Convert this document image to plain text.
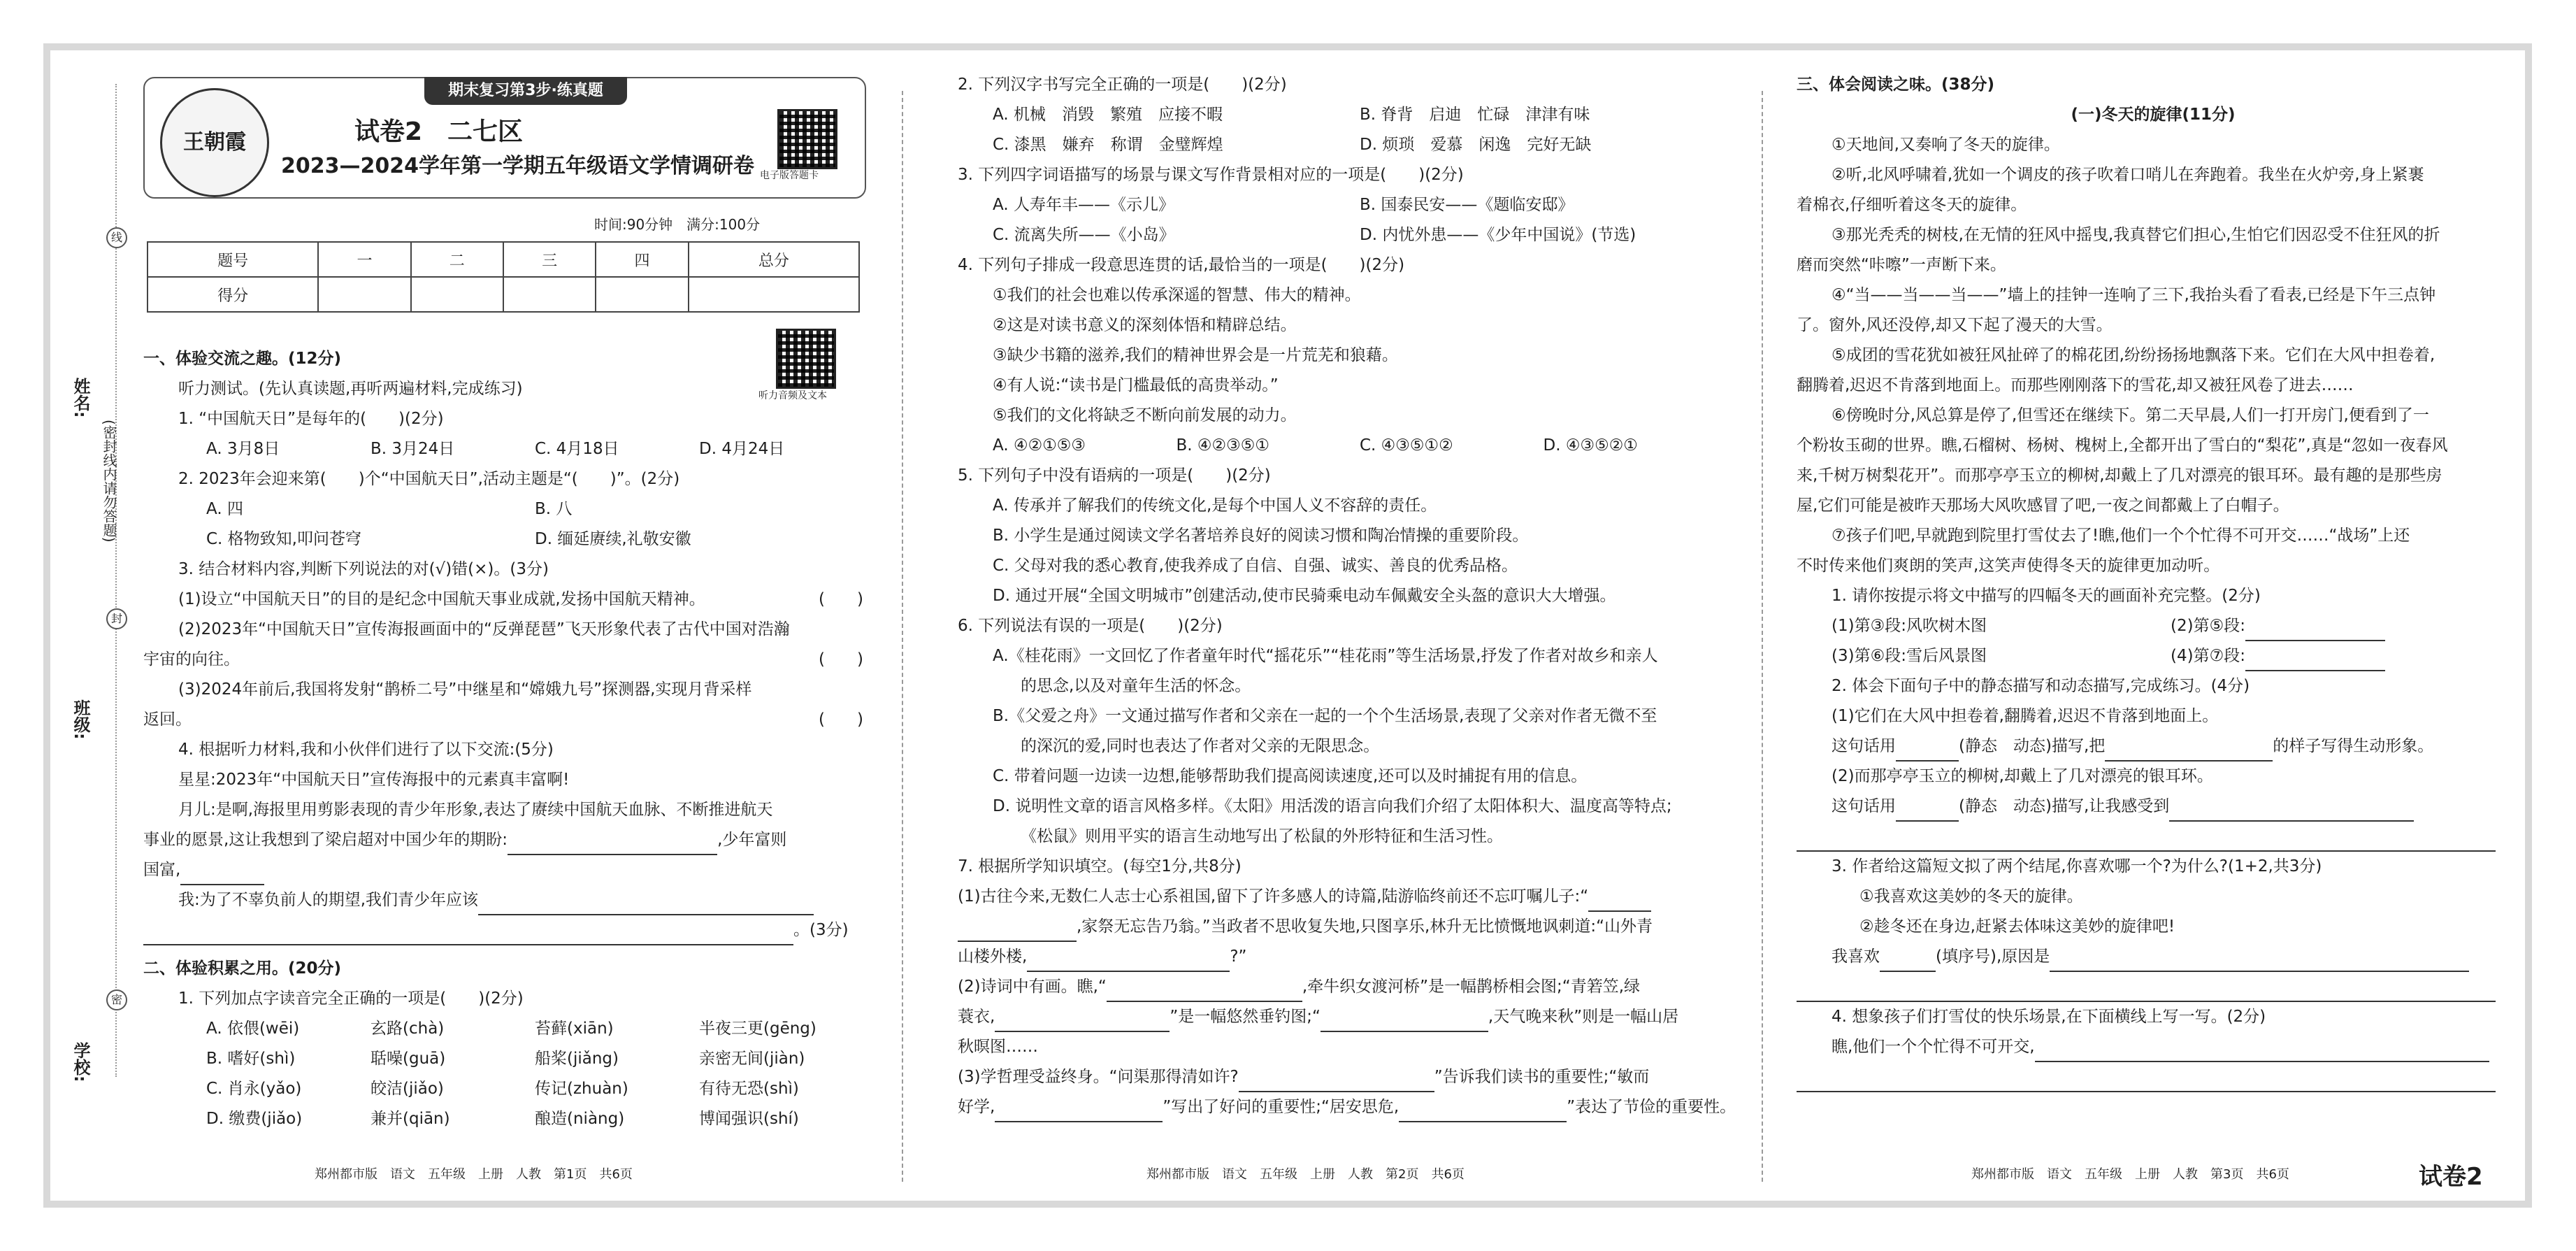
线
封
密
姓名:
班级:
学校:
(密封线内请勿答题)
期末复习第3步·练真题
王朝霞	试卷2　二七区
2023—2024学年第一学期五年级语文学情调研卷 电子版答题卡
时间:90分钟　满分:100分
题号	一	二	三	四	总分
得分					
听力音频及文本
一、体验交流之趣。(12分)
听力测试。(先认真读题,再听两遍材料,完成练习)
1. “中国航天日”是每年的(　　)(2分)
A. 3月8日	B. 3月24日	C. 4月18日	D. 4月24日
2. 2023年会迎来第(　　)个“中国航天日”,活动主题是“(　　)”。(2分)
A. 四	B. 八
C. 格物致知,叩问苍穹	D. 缅延赓续,礼敬安徽
3. 结合材料内容,判断下列说法的对(√)错(×)。(3分)
(1)设立“中国航天日”的目的是纪念中国航天事业成就,发扬中国航天精神。	(　　)
(2)2023年“中国航天日”宣传海报画面中的“反弹琵琶”飞天形象代表了古代中国对浩瀚
宇宙的向往。	(　　)
(3)2024年前后,我国将发射“鹊桥二号”中继星和“嫦娥九号”探测器,实现月背采样
返回。	(　　)
4. 根据听力材料,我和小伙伴们进行了以下交流:(5分)
星星:2023年“中国航天日”宣传海报中的元素真丰富啊!
月儿:是啊,海报里用剪影表现的青少年形象,表达了赓续中国航天血脉、不断推进航天
事业的愿景,这让我想到了梁启超对中国少年的期盼:	,少年富则
国富,
我:为了不辜负前人的期望,我们青少年应该
。(3分)
二、体验积累之用。(20分)
1. 下列加点字读音完全正确的一项是(　　)(2分)
A. 依偎(wēi)	玄路(chà)	苔藓(xiān)	半夜三更(gēng)
B. 嗜好(shì)	聒噪(guā)	船桨(jiǎng)	亲密无间(jiàn)
C. 肖永(yǎo)	皎洁(jiǎo)	传记(zhuàn)	有待无恐(shì)
D. 缴费(jiǎo)	兼并(qiān)	酿造(niàng)	博闻强识(shí)
2. 下列汉字书写完全正确的一项是(　　)(2分)
A. 机械　消毁　繁殖　应接不暇	B. 脊背　启迪　忙碌　津津有味
C. 漆黑　嫌弃　称谓　金璧辉煌	D. 烦琐　爱慕　闲逸　完好无缺
3. 下列四字词语描写的场景与课文写作背景相对应的一项是(　　)(2分)
A. 人寿年丰——《示儿》	B. 国泰民安——《题临安邸》
C. 流离失所——《小岛》	D. 内忧外患——《少年中国说》(节选)
4. 下列句子排成一段意思连贯的话,最恰当的一项是(　　)(2分)
①我们的社会也难以传承深遥的智慧、伟大的精神。
②这是对读书意义的深刻体悟和精辟总结。
③缺少书籍的滋养,我们的精神世界会是一片荒芜和狼藉。
④有人说:“读书是门槛最低的高贵举动。”
⑤我们的文化将缺乏不断向前发展的动力。
A. ④②①⑤③	B. ④②③⑤①	C. ④③⑤①②	D. ④③⑤②①
5. 下列句子中没有语病的一项是(　　)(2分)
A. 传承并了解我们的传统文化,是每个中国人义不容辞的责任。
B. 小学生是通过阅读文学名著培养良好的阅读习惯和陶冶情操的重要阶段。
C. 父母对我的悉心教育,使我养成了自信、自强、诚实、善良的优秀品格。
D. 通过开展“全国文明城市”创建活动,使市民骑乘电动车佩戴安全头盔的意识大大增强。
6. 下列说法有误的一项是(　　)(2分)
A.《桂花雨》一文回忆了作者童年时代“摇花乐”“桂花雨”等生活场景,抒发了作者对故乡和亲人
的思念,以及对童年生活的怀念。
B.《父爱之舟》一文通过描写作者和父亲在一起的一个个生活场景,表现了父亲对作者无微不至
的深沉的爱,同时也表达了作者对父亲的无限思念。
C. 带着问题一边读一边想,能够帮助我们提高阅读速度,还可以及时捕捉有用的信息。
D. 说明性文章的语言风格多样。《太阳》用活泼的语言向我们介绍了太阳体积大、温度高等特点;
《松鼠》则用平实的语言生动地写出了松鼠的外形特征和生活习性。
7. 根据所学知识填空。(每空1分,共8分)
(1)古往今来,无数仁人志士心系祖国,留下了许多感人的诗篇,陆游临终前还不忘叮嘱儿子:“
,家祭无忘告乃翁。”当政者不思收复失地,只图享乐,林升无比愤慨地讽刺道:“山外青
山楼外楼,	?”
(2)诗词中有画。瞧,“	,牵牛织女渡河桥”是一幅鹊桥相会图;“青箬笠,绿
蓑衣,	”是一幅悠然垂钓图;“	,天气晚来秋”则是一幅山居
秋暝图……
(3)学哲理受益终身。“问渠那得清如许?	”告诉我们读书的重要性;“敏而
好学,	”写出了好问的重要性;“居安思危,	”表达了节俭的重要性。
三、体会阅读之味。(38分)
(一)冬天的旋律(11分)
①天地间,又奏响了冬天的旋律。
②听,北风呼啸着,犹如一个调皮的孩子吹着口哨儿在奔跑着。我坐在火炉旁,身上紧裹
着棉衣,仔细听着这冬天的旋律。
③那光秃秃的树枝,在无情的狂风中摇曳,我真替它们担心,生怕它们因忍受不住狂风的折
磨而突然“咔嚓”一声断下来。
④“当——当——当——”墙上的挂钟一连响了三下,我抬头看了看表,已经是下午三点钟
了。窗外,风还没停,却又下起了漫天的大雪。
⑤成团的雪花犹如被狂风扯碎了的棉花团,纷纷扬扬地飘落下来。它们在大风中担卷着,
翻腾着,迟迟不肯落到地面上。而那些刚刚落下的雪花,却又被狂风卷了进去……
⑥傍晚时分,风总算是停了,但雪还在继续下。第二天早晨,人们一打开房门,便看到了一
个粉妆玉砌的世界。瞧,石榴树、杨树、槐树上,全都开出了雪白的“梨花”,真是“忽如一夜春风
来,千树万树梨花开”。而那亭亭玉立的柳树,却戴上了几对漂亮的银耳环。最有趣的是那些房
屋,它们可能是被昨天那场大风吹感冒了吧,一夜之间都戴上了白帽子。
⑦孩子们吧,早就跑到院里打雪仗去了!瞧,他们一个个忙得不可开交……“战场”上还
不时传来他们爽朗的笑声,这笑声使得冬天的旋律更加动听。
1. 请你按提示将文中描写的四幅冬天的画面补充完整。(2分)
(1)第③段:风吹树木图	(2)第⑤段:
(3)第⑥段:雪后风景图	(4)第⑦段:
2. 体会下面句子中的静态描写和动态描写,完成练习。(4分)
(1)它们在大风中担卷着,翻腾着,迟迟不肯落到地面上。
这句话用	(静态　动态)描写,把	的样子写得生动形象。
(2)而那亭亭玉立的柳树,却戴上了几对漂亮的银耳环。
这句话用	(静态　动态)描写,让我感受到
3. 作者给这篇短文拟了两个结尾,你喜欢哪一个?为什么?(1+2,共3分)
①我喜欢这美妙的冬天的旋律。
②趁冬还在身边,赶紧去体味这美妙的旋律吧!
我喜欢	(填序号),原因是
4. 想象孩子们打雪仗的快乐场景,在下面横线上写一写。(2分)
瞧,他们一个个忙得不可开交,
郑州都市版　语文　五年级　上册　人教　第1页　共6页	郑州都市版　语文　五年级　上册　人教　第2页　共6页	郑州都市版　语文　五年级　上册　人教　第3页　共6页	试卷2
